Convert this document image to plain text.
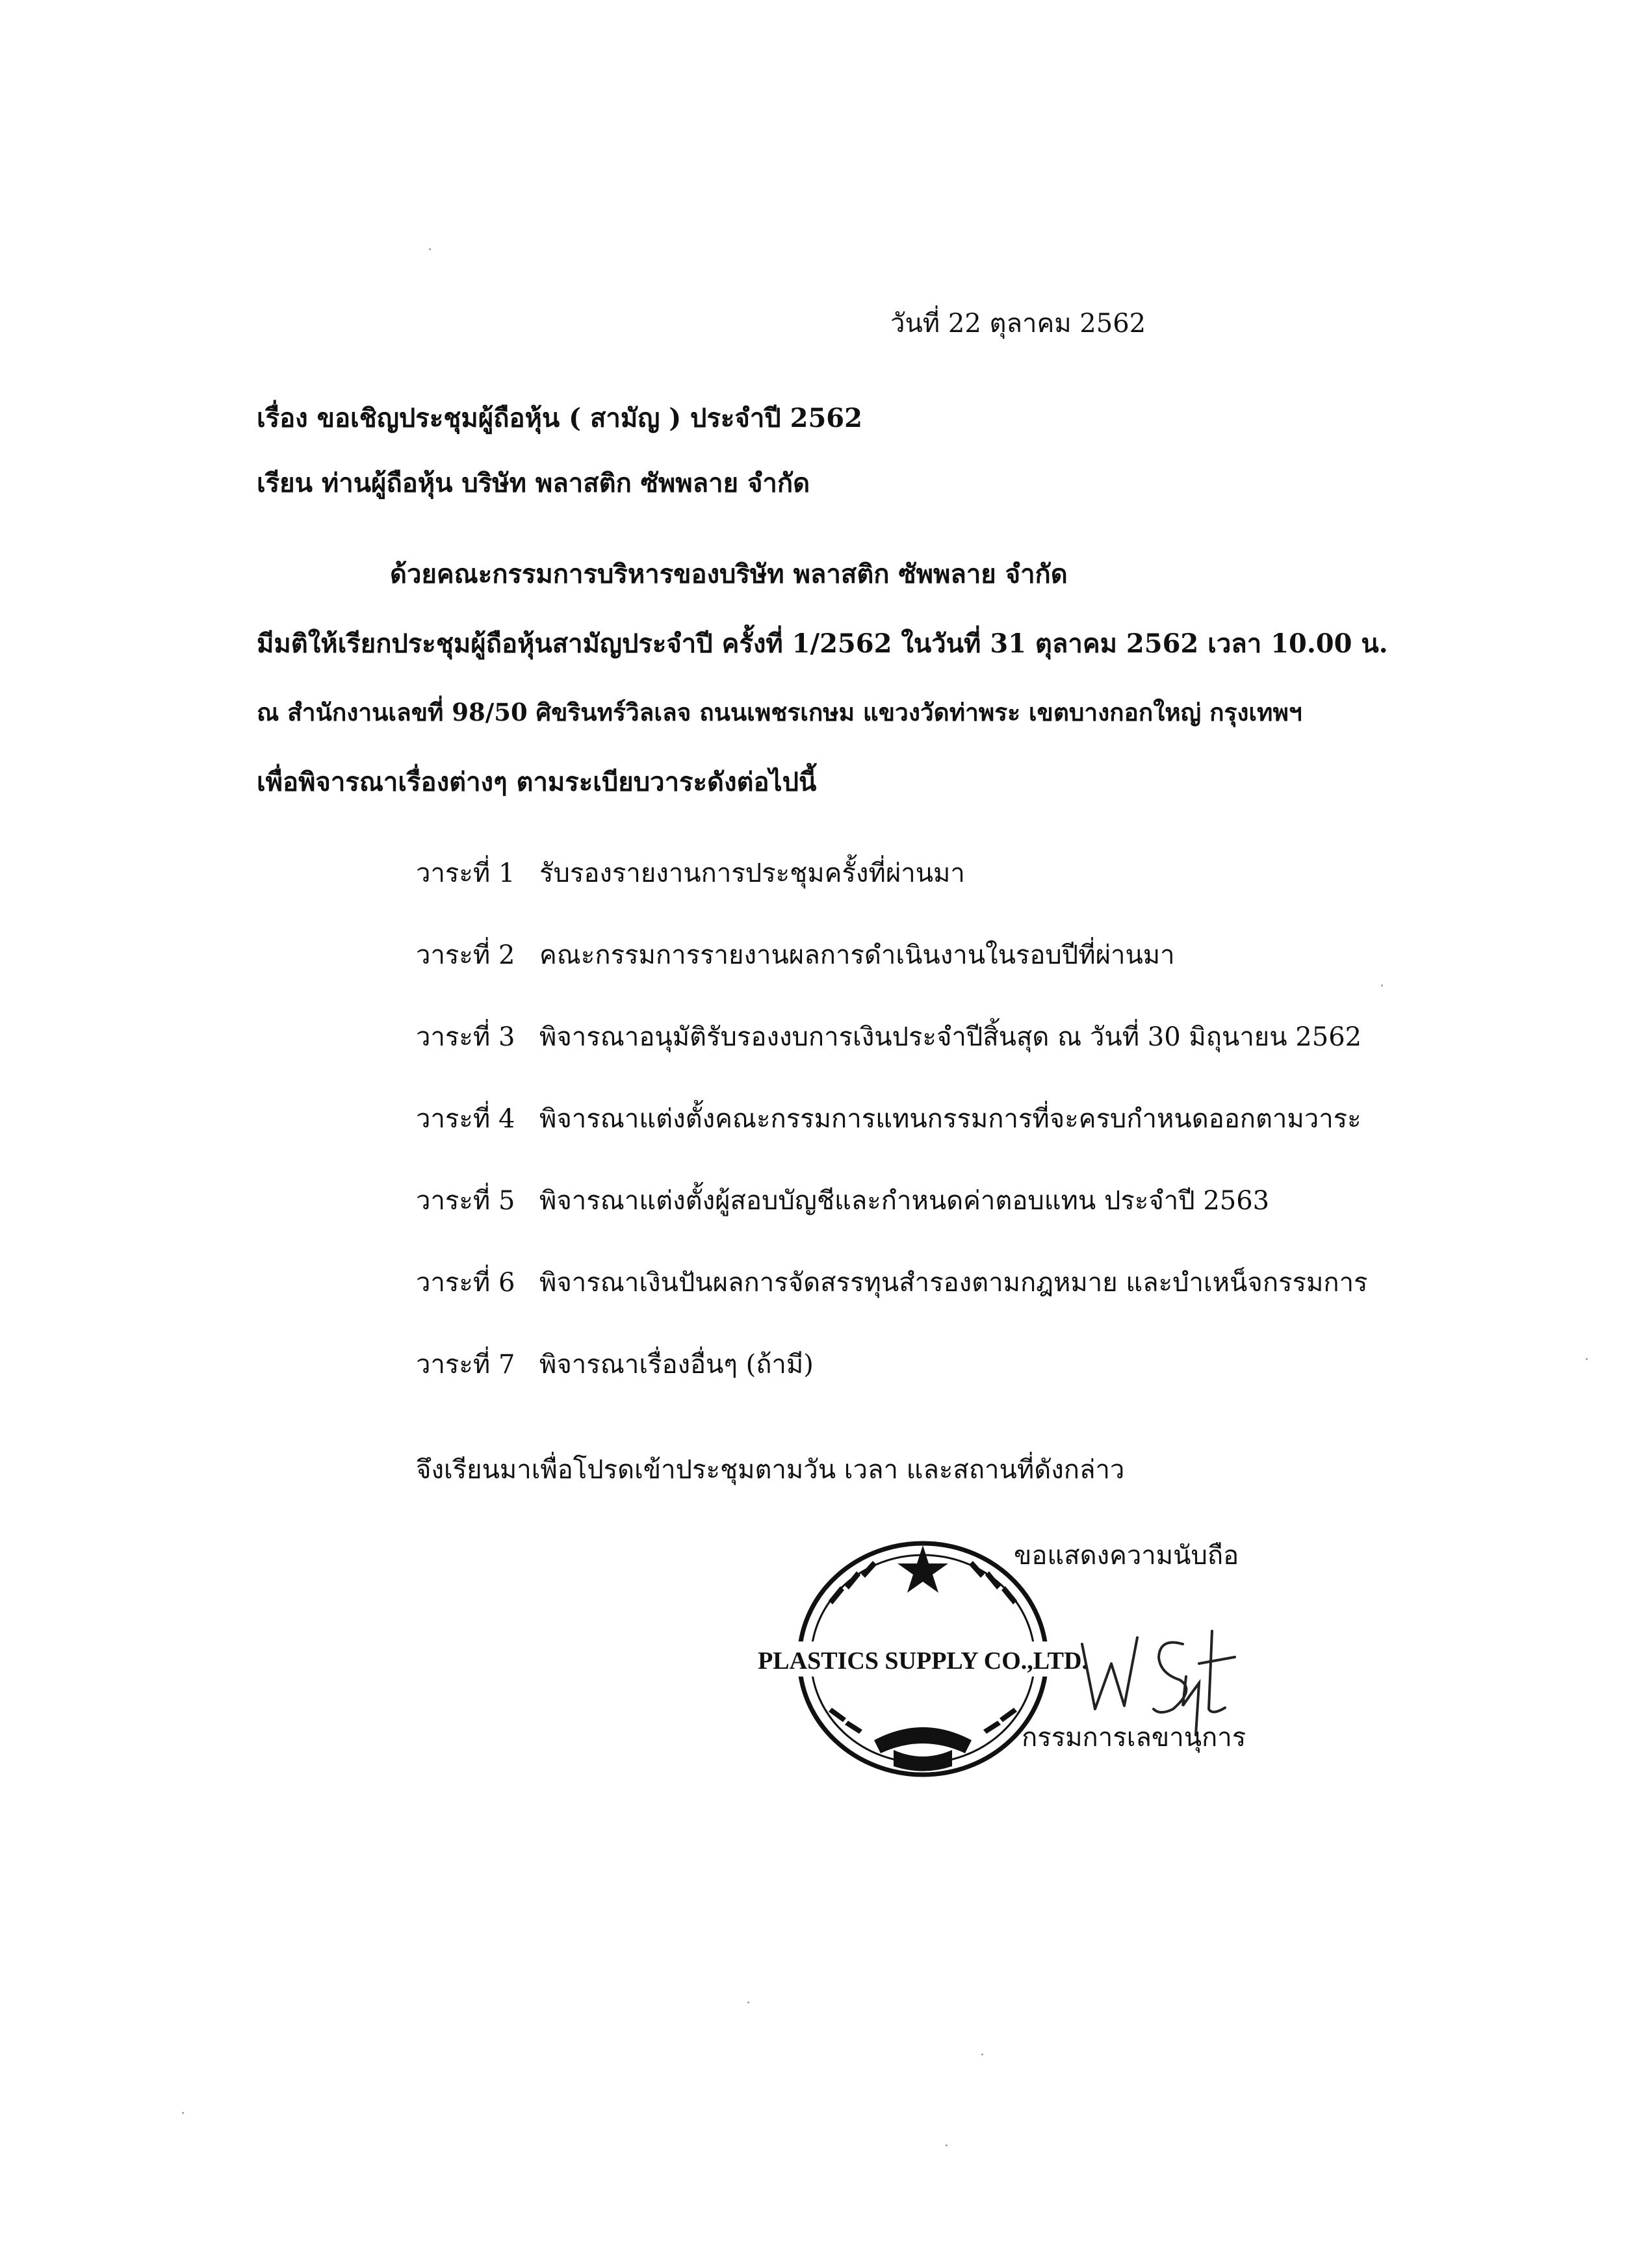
วันที่ 22 ตุลาคม 2562
เรื่อง ขอเชิญประชุมผู้ถือหุ้น ( สามัญ ) ประจำปี 2562
เรียน ท่านผู้ถือหุ้น บริษัท พลาสติก ซัพพลาย จำกัด
ด้วยคณะกรรมการบริหารของบริษัท พลาสติก ซัพพลาย จำกัด
มีมติให้เรียกประชุมผู้ถือหุ้นสามัญประจำปี ครั้งที่ 1/2562 ในวันที่ 31 ตุลาคม 2562 เวลา 10.00 น.
ณ สำนักงานเลขที่ 98/50 ศิขรินทร์วิลเลจ ถนนเพชรเกษม แขวงวัดท่าพระ เขตบางกอกใหญ่ กรุงเทพฯ
เพื่อพิจารณาเรื่องต่างๆ ตามระเบียบวาระดังต่อไปนี้
วาระที่ 1 รับรองรายงานการประชุมครั้งที่ผ่านมา
วาระที่ 2 คณะกรรมการรายงานผลการดำเนินงานในรอบปีที่ผ่านมา
วาระที่ 3 พิจารณาอนุมัติรับรองงบการเงินประจำปีสิ้นสุด ณ วันที่ 30 มิถุนายน 2562
วาระที่ 4 พิจารณาแต่งตั้งคณะกรรมการแทนกรรมการที่จะครบกำหนดออกตามวาระ
วาระที่ 5 พิจารณาแต่งตั้งผู้สอบบัญชีและกำหนดค่าตอบแทน ประจำปี 2563
วาระที่ 6 พิจารณาเงินปันผลการจัดสรรทุนสำรองตามกฎหมาย และบำเหน็จกรรมการ
วาระที่ 7 พิจารณาเรื่องอื่นๆ (ถ้ามี)
จึงเรียนมาเพื่อโปรดเข้าประชุมตามวัน เวลา และสถานที่ดังกล่าว
PLASTICS SUPPLY CO.,LTD.
ขอแสดงความนับถือ
กรรมการเลขานุการ
